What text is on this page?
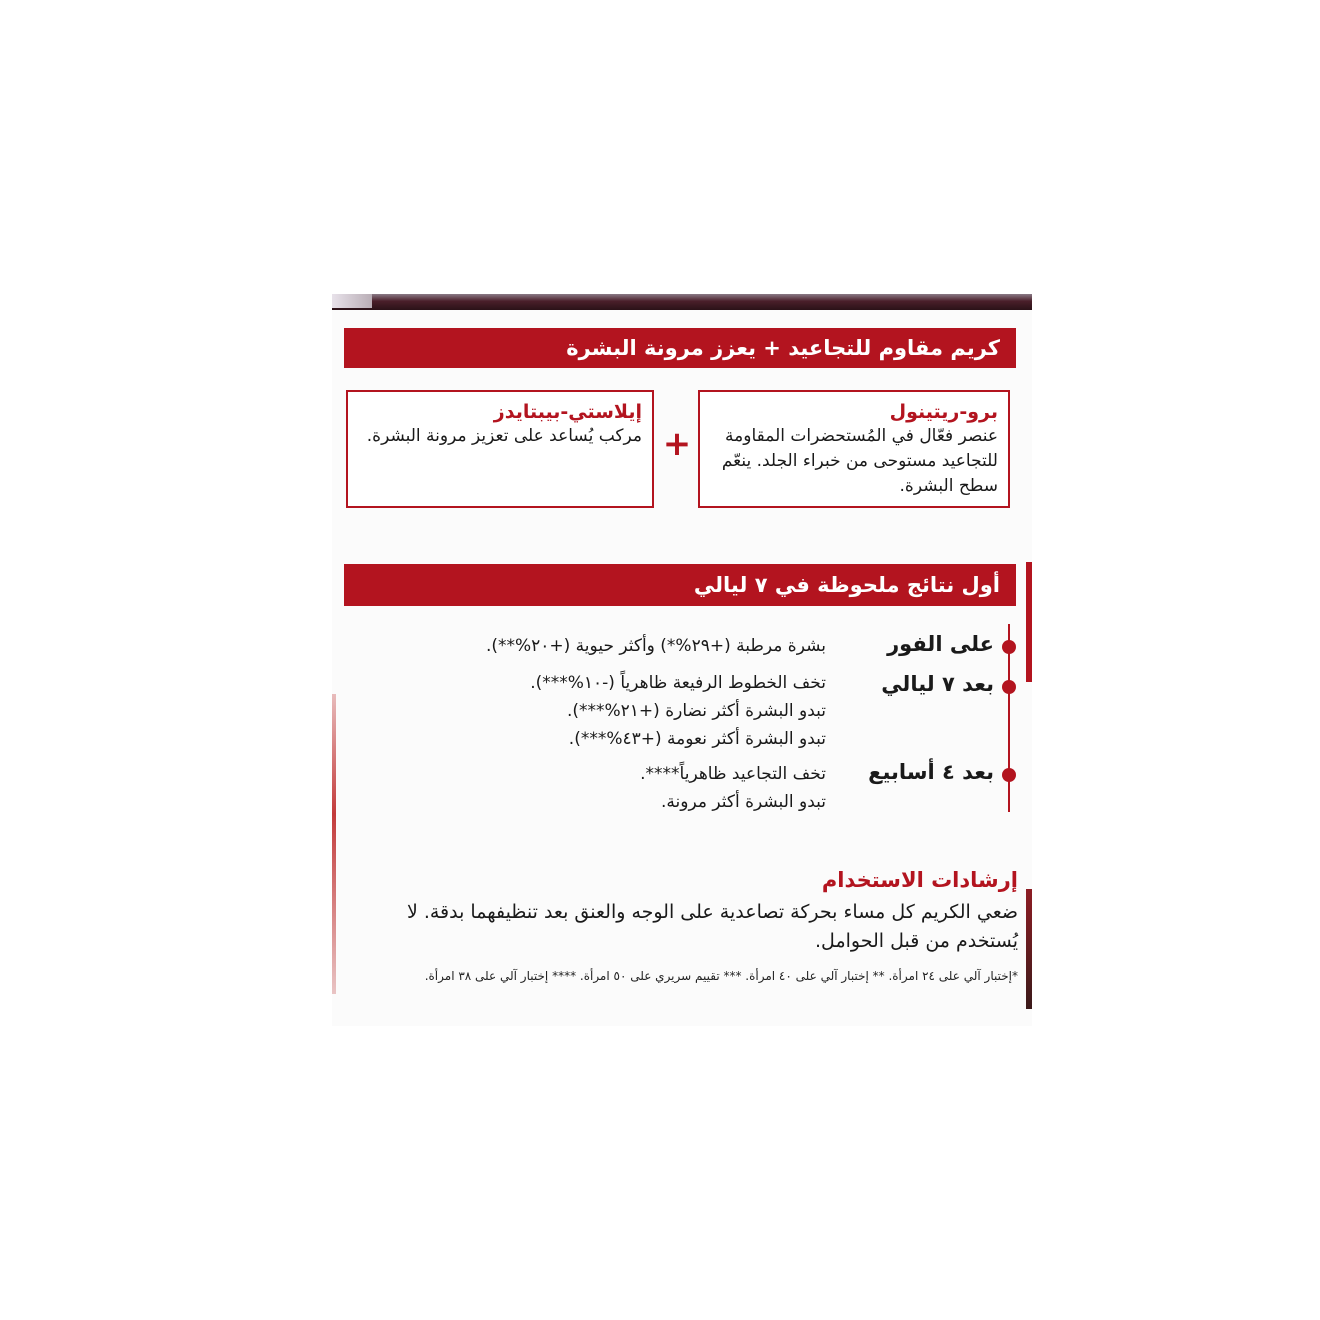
كريم مقاوم للتجاعيد + يعزز مرونة البشرة
برو-ريتينول
عنصر فعّال في المُستحضرات المقاومة للتجاعيد مستوحى من خبراء الجلد. ينعّم سطح البشرة.
+
إيلاستي-بيبتايدز
مركب يُساعد على تعزيز مرونة البشرة.
أول نتائج ملحوظة في ٧ ليالي
على الفور
بشرة مرطبة (+٢٩%*) وأكثر حيوية (+٢٠%**).
بعد ٧ ليالي
تخف الخطوط الرفيعة ظاهرياً (-١٠%***).
تبدو البشرة أكثر نضارة (+٢١%***).
تبدو البشرة أكثر نعومة (+٤٣%***).
بعد ٤ أسابيع
تخف التجاعيد ظاهرياً****.
تبدو البشرة أكثر مرونة.
إرشادات الاستخدام
ضعي الكريم كل مساء بحركة تصاعدية على الوجه والعنق بعد تنظيفهما بدقة. لا يُستخدم من قبل الحوامل.
*إختبار آلي على ٢٤ امرأة. ** إختبار آلي على ٤٠ امرأة. *** تقييم سريري على ٥٠ امرأة. **** إختبار آلي على ٣٨ امرأة.
